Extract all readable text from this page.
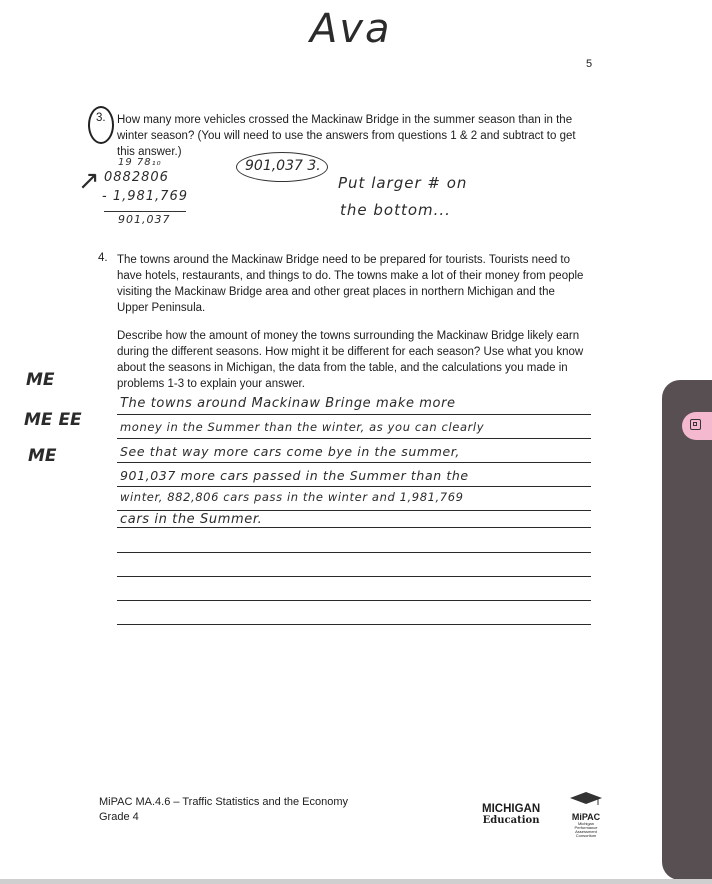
Ava
5
3. How many more vehicles crossed the Mackinaw Bridge in the summer season than in the winter season? (You will need to use the answers from questions 1 & 2 and subtract to get this answer.)

↗
19 78₁₀
0882806
- 1,981,769
901,037
901,037 3.
Put larger # on
the bottom...
4. The towns around the Mackinaw Bridge need to be prepared for tourists. Tourists need to have hotels, restaurants, and things to do. The towns make a lot of their money from people visiting the Mackinaw Bridge area and other great places in northern Michigan and the Upper Peninsula.

Describe how the amount of money the towns surrounding the Mackinaw Bridge likely earn during the different seasons. How might it be different for each season? Use what you know about the seasons in Michigan, the data from the table, and the calculations you made in problems 1-3 to explain your answer.

ME
ME EE
ME
The towns around Mackinaw Bringe make more
money in the Summer than the winter, as you can clearly
See that way more cars come bye in the summer,
901,037 more cars passed in the Summer than the
winter, 882,806 cars pass in the winter and 1,981,769
cars in the Summer.
MiPAC MA.4.6 – Traffic Statistics and the Economy
Grade 4
MICHIGAN
Education	MiPAC
Michigan Performance Assessment Consortium
